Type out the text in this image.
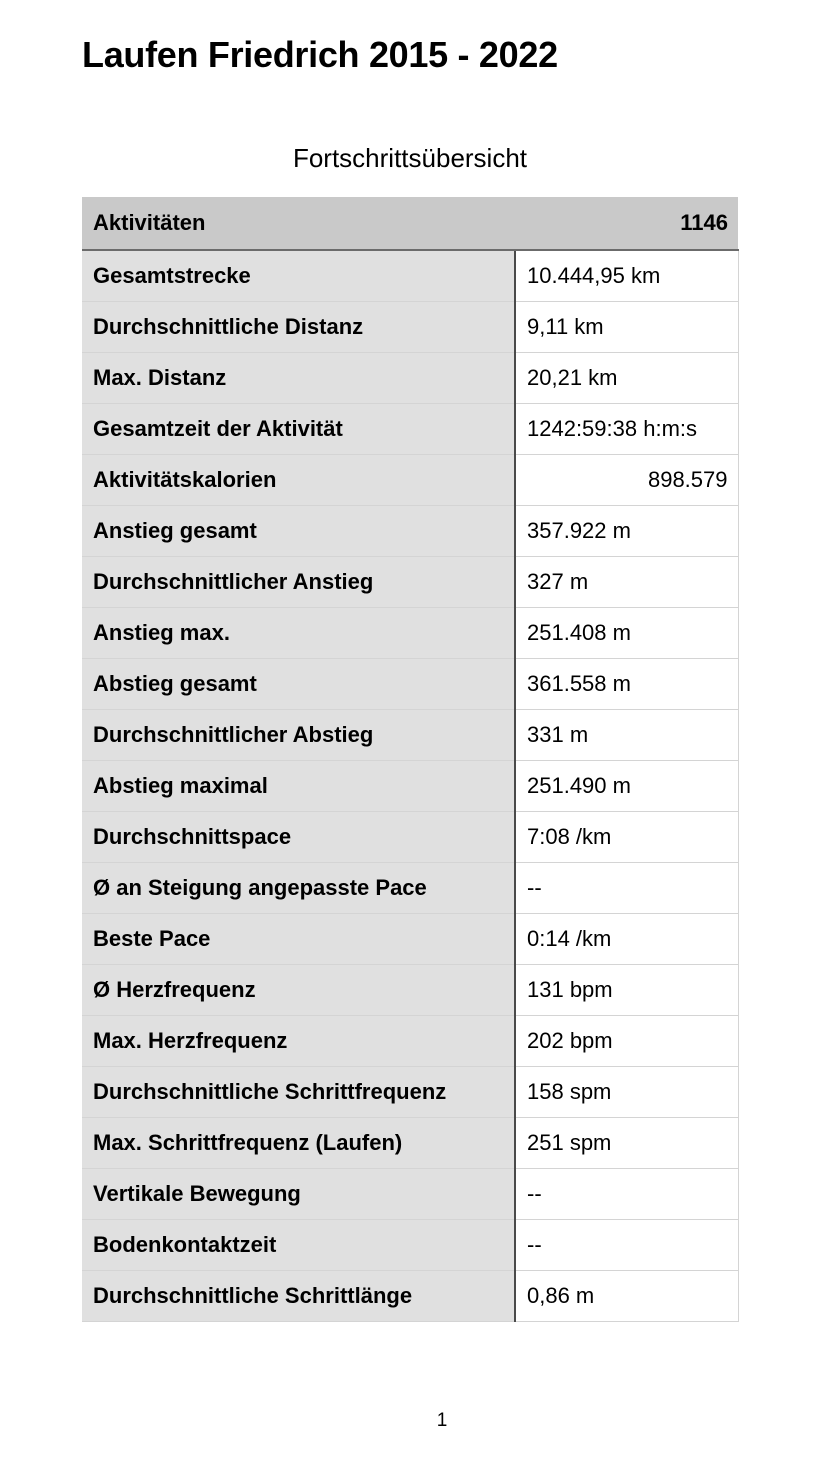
Laufen Friedrich 2015 - 2022
Fortschrittsübersicht
Aktivitäten	1146
Gesamtstrecke	10.444,95 km
Durchschnittliche Distanz	9,11 km
Max. Distanz	20,21 km
Gesamtzeit der Aktivität	1242:59:38 h:m:s
Aktivitätskalorien	898.579
Anstieg gesamt	357.922 m
Durchschnittlicher Anstieg	327 m
Anstieg max.	251.408 m
Abstieg gesamt	361.558 m
Durchschnittlicher Abstieg	331 m
Abstieg maximal	251.490 m
Durchschnittspace	7:08 /km
Ø an Steigung angepasste Pace	--
Beste Pace	0:14 /km
Ø Herzfrequenz	131 bpm
Max. Herzfrequenz	202 bpm
Durchschnittliche Schrittfrequenz	158 spm
Max. Schrittfrequenz (Laufen)	251 spm
Vertikale Bewegung	--
Bodenkontaktzeit	--
Durchschnittliche Schrittlänge	0,86 m
1
